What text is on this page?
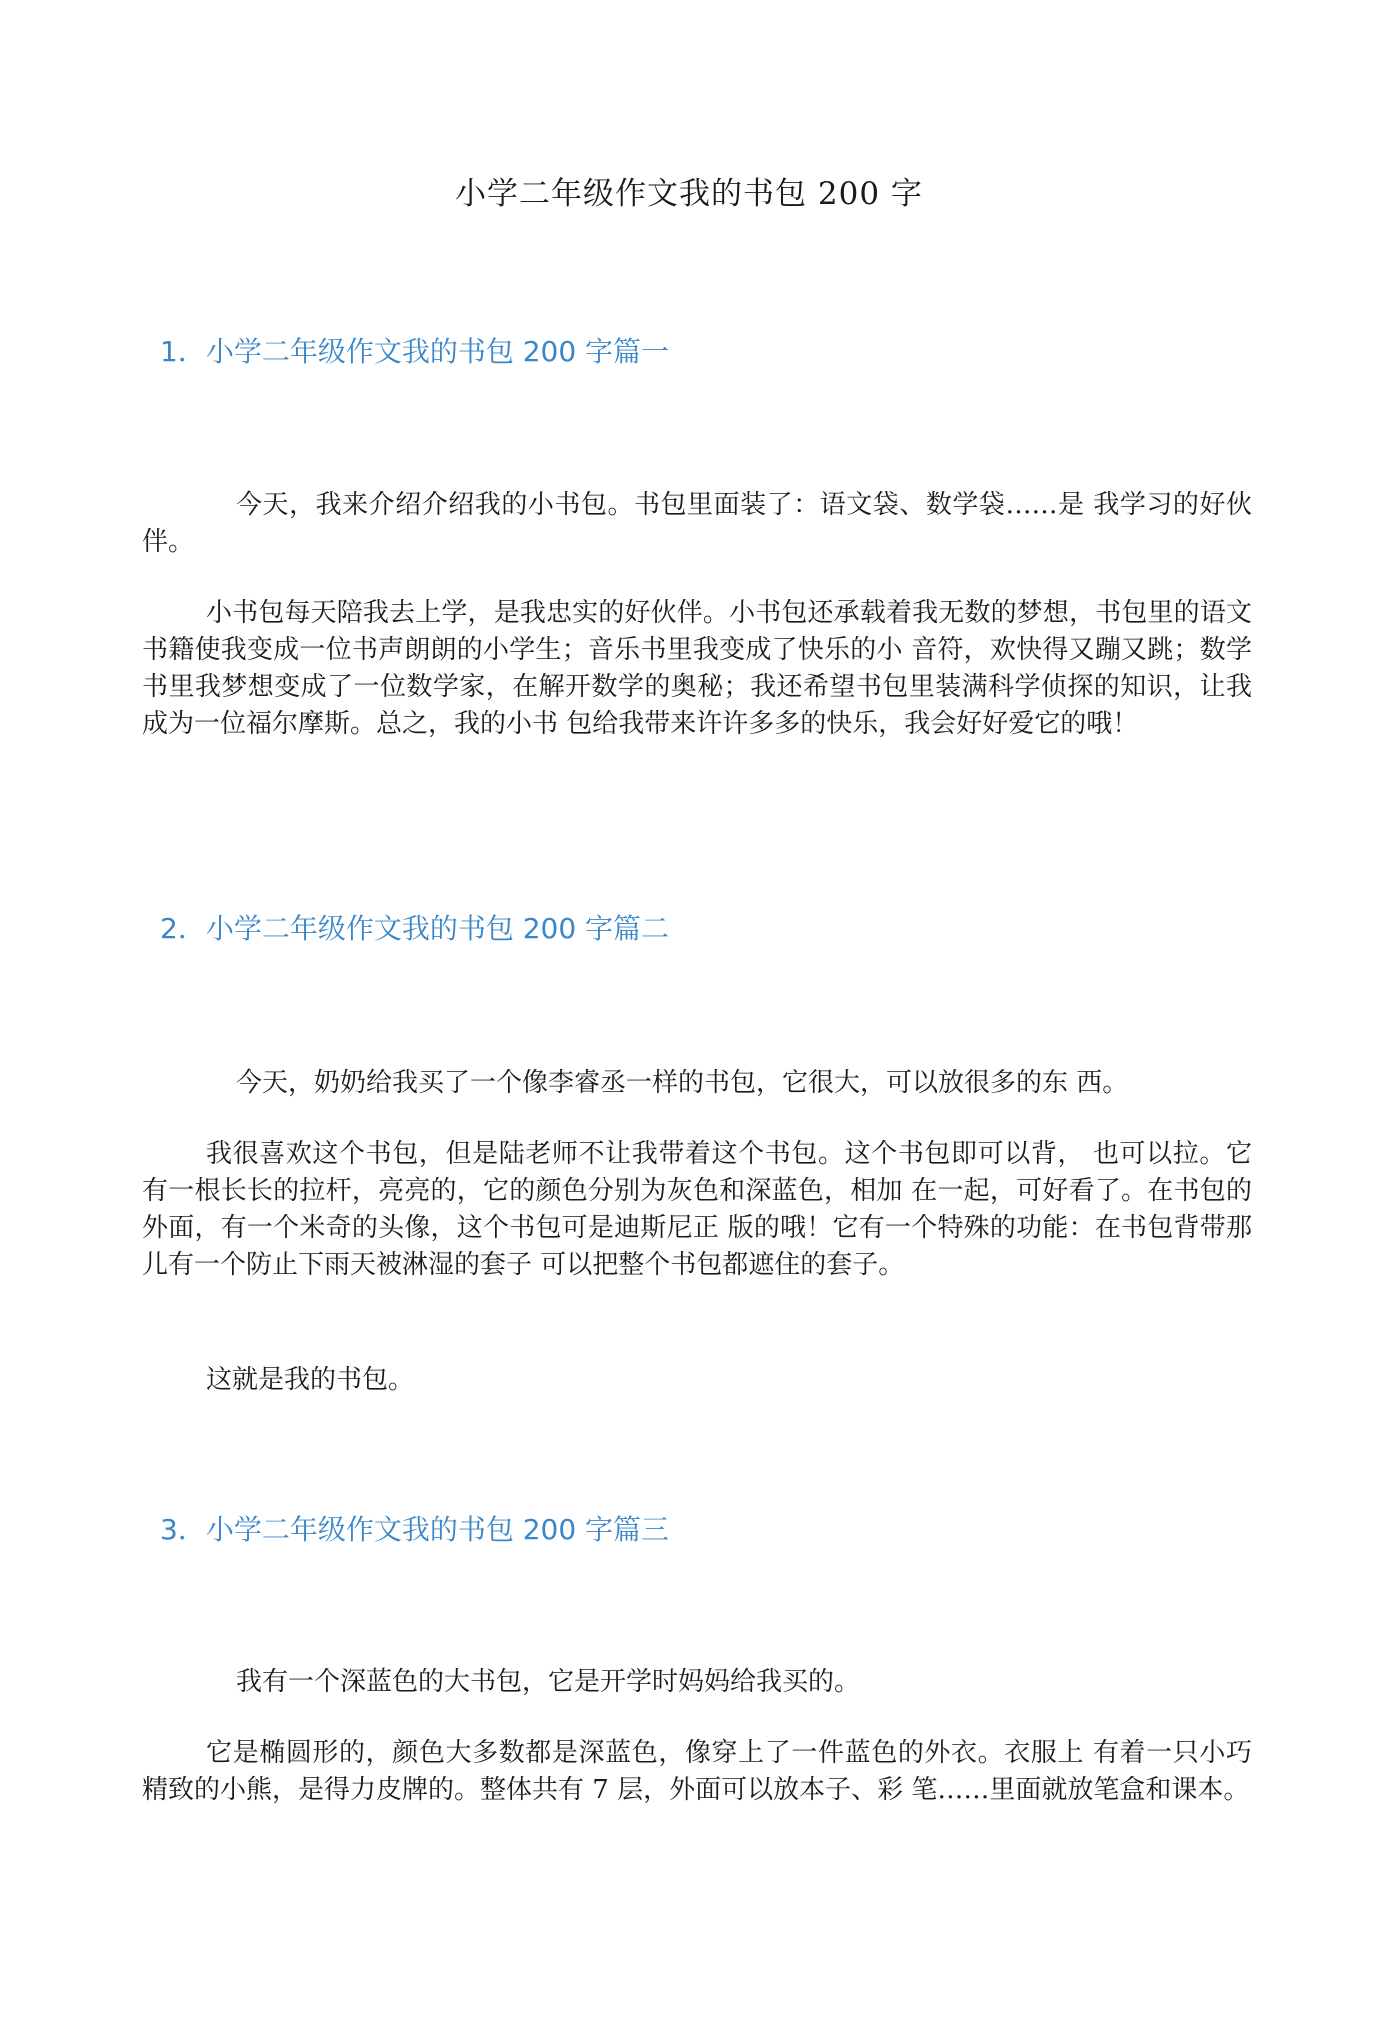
小学二年级作文我的书包 200 字
1．小学二年级作文我的书包 200 字篇一

今天，我来介绍介绍我的小书包。书包里面装了：语文袋、数学袋……是 我学习的好伙伴。

小书包每天陪我去上学，是我忠实的好伙伴。小书包还承载着我无数的梦想，书包里的语文书籍使我变成一位书声朗朗的小学生；音乐书里我变成了快乐的小 音符，欢快得又蹦又跳；数学书里我梦想变成了一位数学家，在解开数学的奥秘；我还希望书包里装满科学侦探的知识，让我成为一位福尔摩斯。总之，我的小书 包给我带来许许多多的快乐，我会好好爱它的哦！

2．小学二年级作文我的书包 200 字篇二

今天，奶奶给我买了一个像李睿丞一样的书包，它很大，可以放很多的东 西。

我很喜欢这个书包，但是陆老师不让我带着这个书包。这个书包即可以背， 也可以拉。它有一根长长的拉杆，亮亮的，它的颜色分别为灰色和深蓝色，相加 在一起，可好看了。在书包的外面，有一个米奇的头像，这个书包可是迪斯尼正 版的哦！它有一个特殊的功能：在书包背带那儿有一个防止下雨天被淋湿的套子 可以把整个书包都遮住的套子。

这就是我的书包。

3．小学二年级作文我的书包 200 字篇三

我有一个深蓝色的大书包，它是开学时妈妈给我买的。

它是椭圆形的，颜色大多数都是深蓝色，像穿上了一件蓝色的外衣。衣服上 有着一只小巧精致的小熊，是得力皮牌的。整体共有 7 层，外面可以放本子、彩 笔……里面就放笔盒和课本。
